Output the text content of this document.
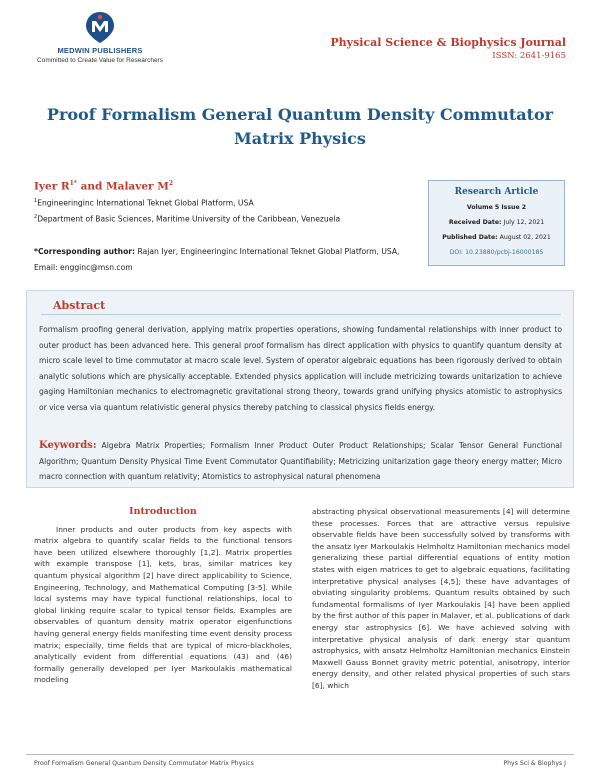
MEDWIN PUBLISHERS
Committed to Create Value for Researchers
Physical Science & Biophysics Journal
ISSN: 2641-9165
Proof Formalism General Quantum Density Commutator Matrix Physics
Iyer $R^{1*}$ and Malaver $M^2$
$^1$Engineeringinc International Teknet Global Platform, USA
$^2$Department of Basic Sciences, Maritime University of the Caribbean, Venezuela
*Corresponding author: Rajan Iyer, Engineeringinc International Teknet Global Platform, USA, Email: engginc@msn.com
Research Article
Volume 5 Issue 2
Received Date: July 12, 2021
Published Date: August 02, 2021
DOI: 10.23880/pcbj-16000185
Abstract

Formalism proofing general derivation, applying matrix properties operations, showing fundamental relationships with inner product to outer product has been advanced here. This general proof formalism has direct application with physics to quantify quantum density at micro scale level to time commutator at macro scale level. System of operator algebraic equations has been rigorously derived to obtain analytic solutions which are physically acceptable. Extended physics application will include metricizing towards unitarization to achieve gaging Hamiltonian mechanics to electromagnetic gravitational strong theory, towards grand unifying physics atomistic to astrophysics or vice versa via quantum relativistic general physics thereby patching to classical physics fields energy.

Keywords: Algebra Matrix Properties; Formalism Inner Product Outer Product Relationships; Scalar Tensor General Functional Algorithm; Quantum Density Physical Time Event Commutator Quantifiability; Metricizing unitarization gage theory energy matter; Micro macro connection with quantum relativity; Atomistics to astrophysical natural phenomena

Introduction

Inner products and outer products from key aspects with matrix algebra to quantify scalar fields to the functional tensors have been utilized elsewhere thoroughly [1,2]. Matrix properties with example transpose [1], kets, bras, similar matrices key quantum physical algorithm [2] have direct applicability to Science, Engineering, Technology, and Mathematical Computing [3-5]. While local systems may have typical functional relationships, local to global linking require scalar to typical tensor fields. Examples are observables of quantum density matrix operator eigenfunctions having general energy fields manifesting time event density process matrix; especially, time fields that are typical of micro-blackholes, analytically evident from differential equations (43) and (46) formally generally developed per Iyer Markoulakis mathematical modeling

abstracting physical observational measurements [4] will determine these processes. Forces that are attractive versus repulsive observable fields have been successfully solved by transforms with the ansatz Iyer Markoulakis Helmholtz Hamiltonian mechanics model generalizing these partial differential equations of entity motion states with eigen matrices to get to algebraic equations, facilitating interpretative physical analyses [4,5]; these have advantages of obviating singularity problems. Quantum results obtained by such fundamental formalisms of Iyer Markoulakis [4] have been applied by the first author of this paper in Malaver, et al. publications of dark energy star astrophysics [6]. We have achieved solving with interpretative physical analysis of dark energy star quantum astrophysics, with ansatz Helmholtz Hamiltonian mechanics Einstein Maxwell Gauss Bonnet gravity metric potential, anisotropy, interior energy density, and other related physical properties of such stars [6], which

Proof Formalism General Quantum Density Commutator Matrix Physics	Phys Sci & Biophys J
